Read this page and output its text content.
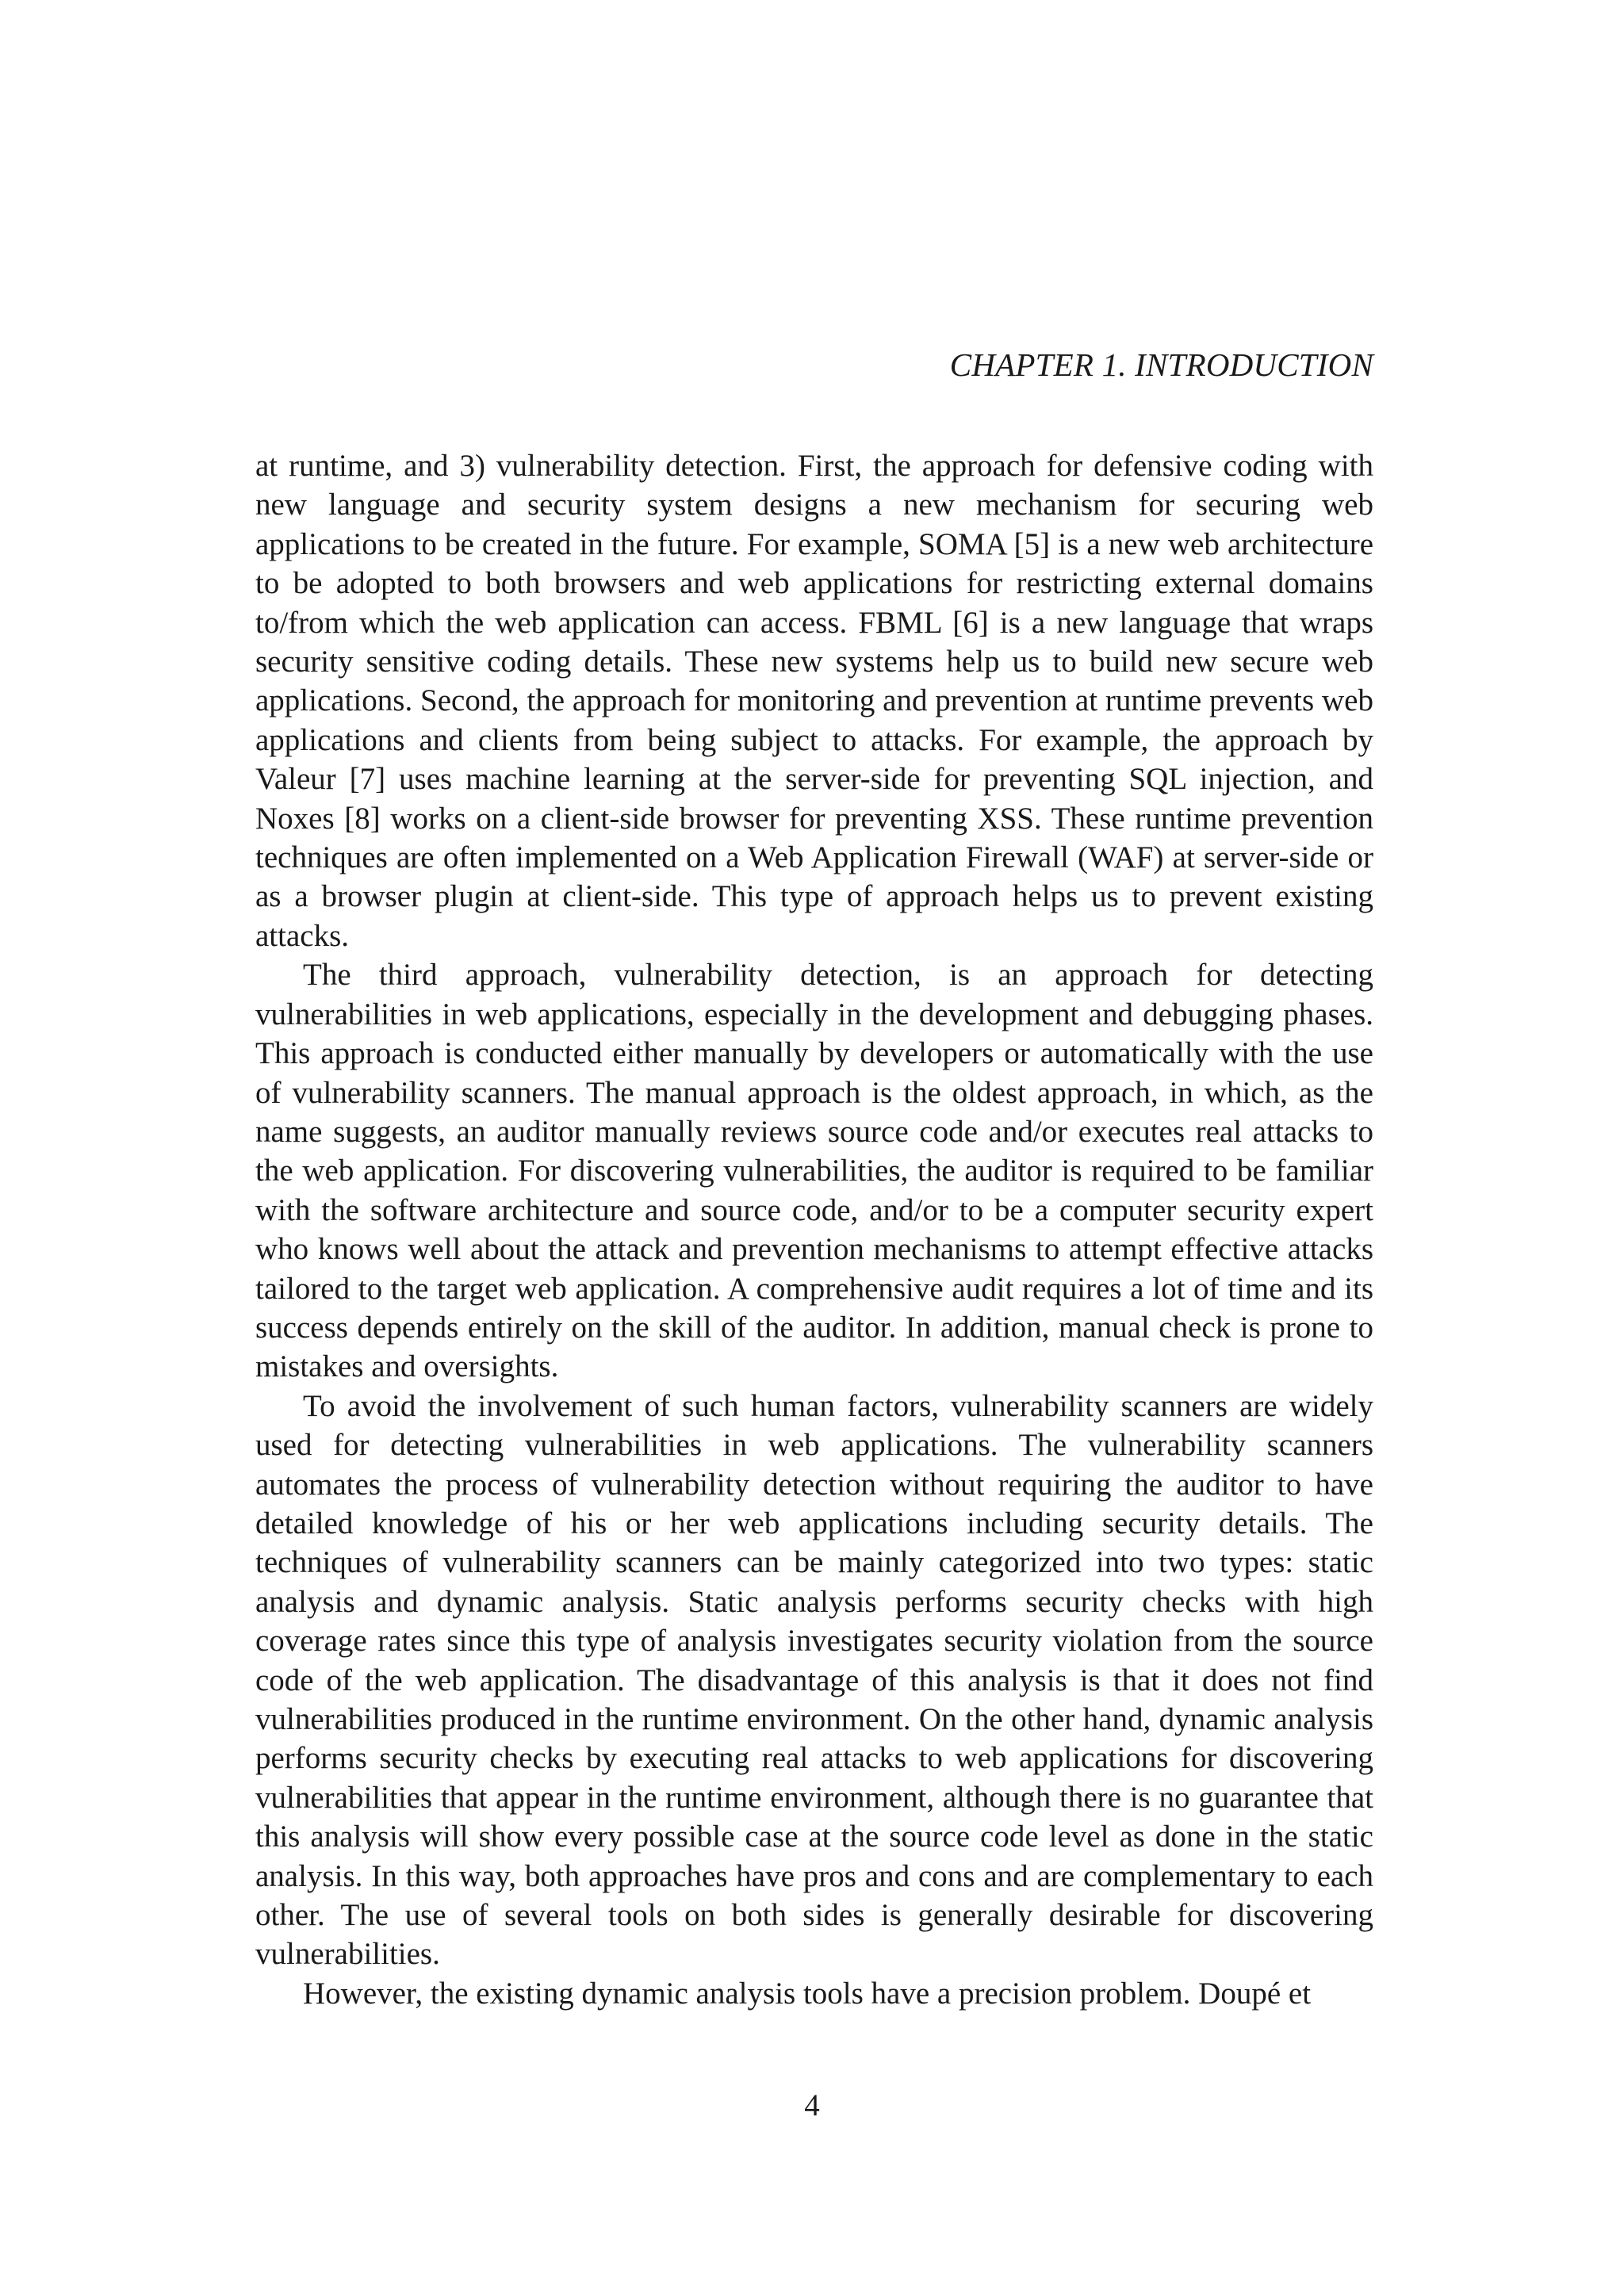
CHAPTER 1. INTRODUCTION

at runtime, and 3) vulnerability detection. First, the approach for defensive coding with new language and security system designs a new mechanism for securing web applications to be created in the future. For example, SOMA [5] is a new web architecture to be adopted to both browsers and web applications for restricting external domains to/from which the web application can access. FBML [6] is a new language that wraps security sensitive coding details. These new systems help us to build new secure web applications. Second, the approach for monitoring and prevention at runtime prevents web applications and clients from being subject to attacks. For example, the approach by Valeur [7] uses machine learning at the server-side for preventing SQL injection, and Noxes [8] works on a client-side browser for preventing XSS. These runtime prevention techniques are often implemented on a Web Application Firewall (WAF) at server-side or as a browser plugin at client-side. This type of approach helps us to prevent existing attacks.

The third approach, vulnerability detection, is an approach for detecting vulnerabilities in web applications, especially in the development and debugging phases. This approach is conducted either manually by developers or automatically with the use of vulnerability scanners. The manual approach is the oldest approach, in which, as the name suggests, an auditor manually reviews source code and/or executes real attacks to the web application. For discovering vulnerabilities, the auditor is required to be familiar with the software architecture and source code, and/or to be a computer security expert who knows well about the attack and prevention mechanisms to attempt effective attacks tailored to the target web application. A comprehensive audit requires a lot of time and its success depends entirely on the skill of the auditor. In addition, manual check is prone to mistakes and oversights.

To avoid the involvement of such human factors, vulnerability scanners are widely used for detecting vulnerabilities in web applications. The vulnerability scanners automates the process of vulnerability detection without requiring the auditor to have detailed knowledge of his or her web applications including security details. The techniques of vulnerability scanners can be mainly categorized into two types: static analysis and dynamic analysis. Static analysis performs security checks with high coverage rates since this type of analysis investigates security violation from the source code of the web application. The disadvantage of this analysis is that it does not find vulnerabilities produced in the runtime environment. On the other hand, dynamic analysis performs security checks by executing real attacks to web applications for discovering vulnerabilities that appear in the runtime environment, although there is no guarantee that this analysis will show every possible case at the source code level as done in the static analysis. In this way, both approaches have pros and cons and are complementary to each other. The use of several tools on both sides is generally desirable for discovering vulnerabilities.

However, the existing dynamic analysis tools have a precision problem. Doupé et

4
